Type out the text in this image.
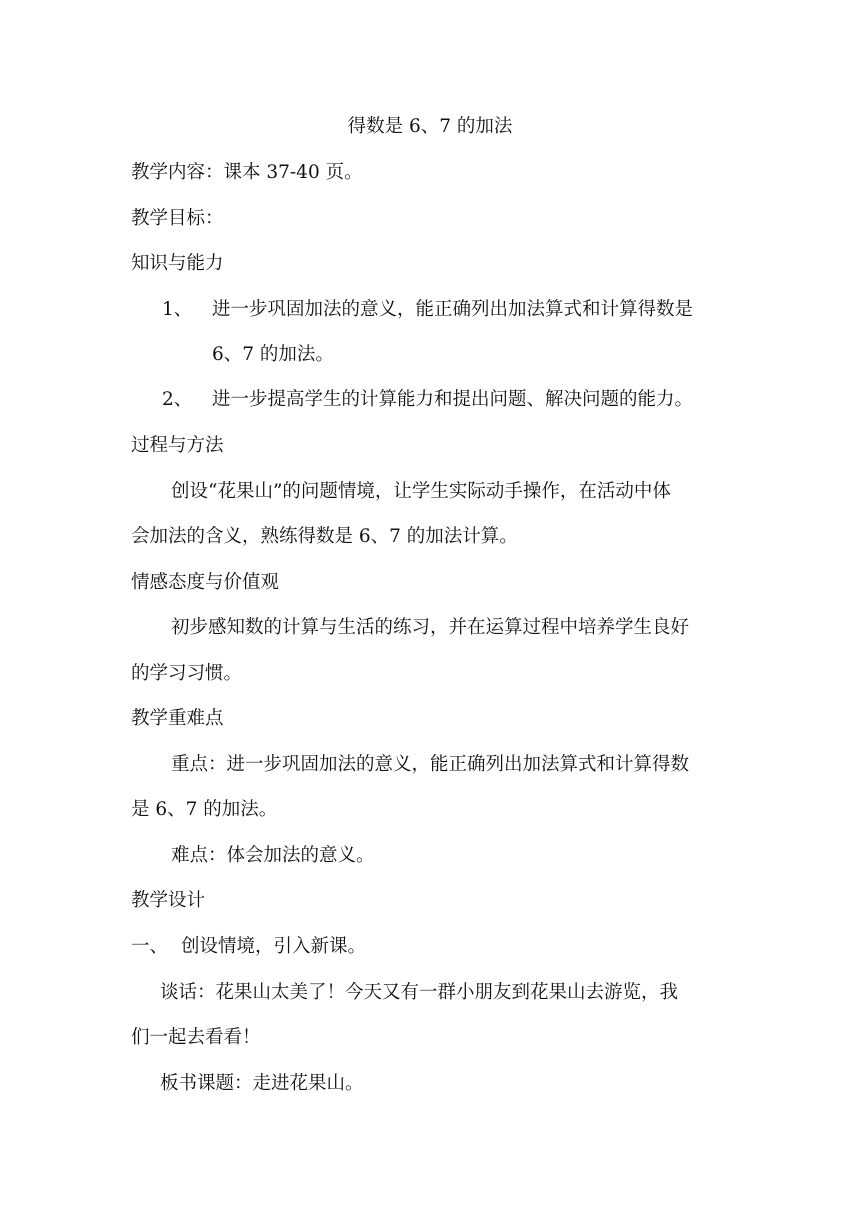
得数是 6、7 的加法
教学内容：课本 37-40 页。
教学目标：
知识与能力
1、 进一步巩固加法的意义，能正确列出加法算式和计算得数是
6、7 的加法。
2、 进一步提高学生的计算能力和提出问题、解决问题的能力。
过程与方法
创设“花果山”的问题情境，让学生实际动手操作，在活动中体
会加法的含义，熟练得数是 6、7 的加法计算。
情感态度与价值观
初步感知数的计算与生活的练习，并在运算过程中培养学生良好
的学习习惯。
教学重难点
重点：进一步巩固加法的意义，能正确列出加法算式和计算得数
是 6、7 的加法。
难点：体会加法的意义。
教学设计
一、 创设情境，引入新课。
谈话：花果山太美了！今天又有一群小朋友到花果山去游览，我
们一起去看看！
板书课题：走进花果山。
